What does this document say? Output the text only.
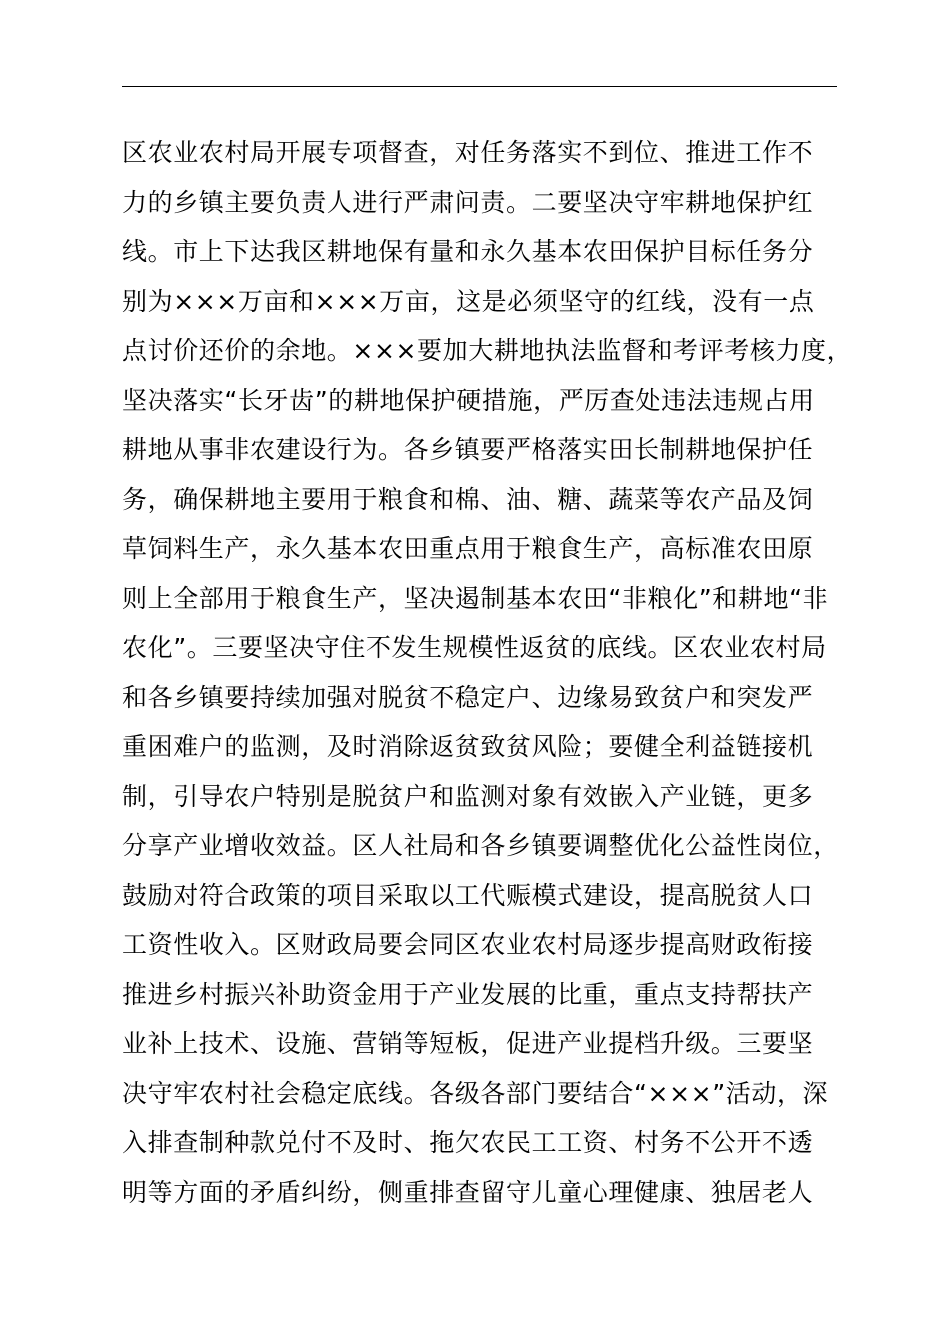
区农业农村局开展专项督查，对任务落实不到位、推进工作不
力的乡镇主要负责人进行严肃问责。二要坚决守牢耕地保护红
线。市上下达我区耕地保有量和永久基本农田保护目标任务分
别为×××万亩和×××万亩，这是必须坚守的红线，没有一点
点讨价还价的余地。×××要加大耕地执法监督和考评考核力度，
坚决落实“长牙齿”的耕地保护硬措施，严厉查处违法违规占用
耕地从事非农建设行为。各乡镇要严格落实田长制耕地保护任
务，确保耕地主要用于粮食和棉、油、糖、蔬菜等农产品及饲
草饲料生产，永久基本农田重点用于粮食生产，高标准农田原
则上全部用于粮食生产，坚决遏制基本农田“非粮化”和耕地“非
农化”。三要坚决守住不发生规模性返贫的底线。区农业农村局
和各乡镇要持续加强对脱贫不稳定户、边缘易致贫户和突发严
重困难户的监测，及时消除返贫致贫风险；要健全利益链接机
制，引导农户特别是脱贫户和监测对象有效嵌入产业链，更多
分享产业增收效益。区人社局和各乡镇要调整优化公益性岗位，
鼓励对符合政策的项目采取以工代赈模式建设，提高脱贫人口
工资性收入。区财政局要会同区农业农村局逐步提高财政衔接
推进乡村振兴补助资金用于产业发展的比重，重点支持帮扶产
业补上技术、设施、营销等短板，促进产业提档升级。三要坚
决守牢农村社会稳定底线。各级各部门要结合“×××”活动，深
入排查制种款兑付不及时、拖欠农民工工资、村务不公开不透
明等方面的矛盾纠纷，侧重排查留守儿童心理健康、独居老人
